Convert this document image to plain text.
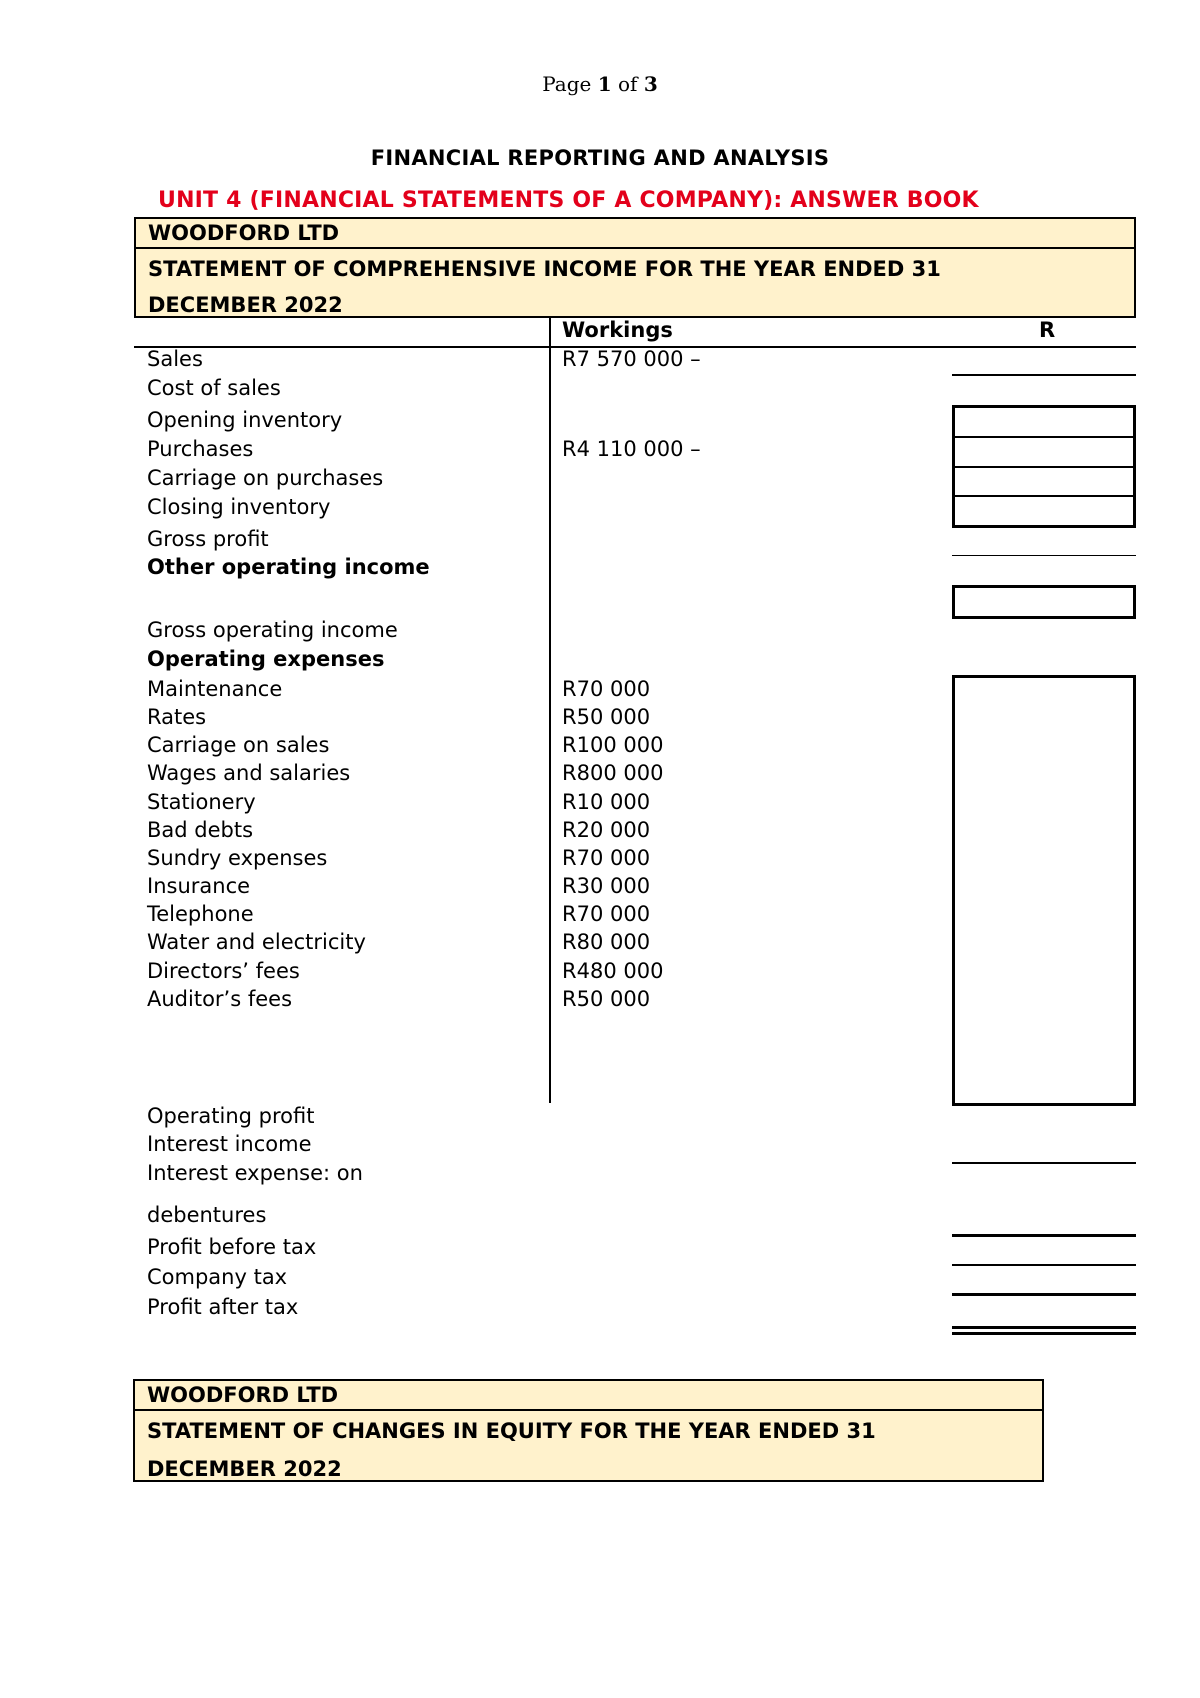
Page 1 of 3
FINANCIAL REPORTING AND ANALYSIS
UNIT 4 (FINANCIAL STATEMENTS OF A COMPANY): ANSWER BOOK
WOODFORD LTD
STATEMENT OF COMPREHENSIVE INCOME FOR THE YEAR ENDED 31
DECEMBER 2022
Workings	R
Sales	R7 570 000 –
Cost of sales
Opening inventory
Purchases	R4 110 000 –
Carriage on purchases
Closing inventory
Gross profit
Other operating income
Gross operating income
Operating expenses
Maintenance	R70 000
Rates	R50 000
Carriage on sales	R100 000
Wages and salaries	R800 000
Stationery	R10 000
Bad debts	R20 000
Sundry expenses	R70 000
Insurance	R30 000
Telephone	R70 000
Water and electricity	R80 000
Directors’ fees	R480 000
Auditor’s fees	R50 000
Operating profit
Interest income
Interest expense: on
debentures
Profit before tax
Company tax
Profit after tax
WOODFORD LTD
STATEMENT OF CHANGES IN EQUITY FOR THE YEAR ENDED 31
DECEMBER 2022
